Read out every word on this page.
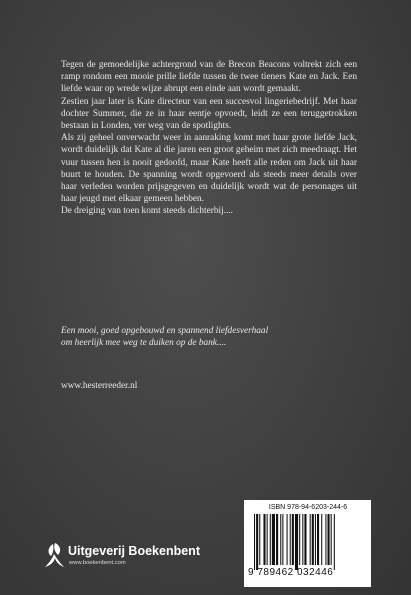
Tegen de gemoedelijke achtergrond van de Brecon Beacons voltrekt zich een ramp rondom een mooie prille liefde tussen de twee tieners Kate en Jack. Een liefde waar op wrede wijze abrupt een einde aan wordt gemaakt.

Zestien jaar later is Kate directeur van een succesvol lingeriebedrijf. Met haar dochter Summer, die ze in haar eentje opvoedt, leidt ze een teruggetrokken bestaan in Londen, ver weg van de spotlights.

Als zij geheel onverwacht weer in aanraking komt met haar grote liefde Jack, wordt duidelijk dat Kate al die jaren een groot geheim met zich meedraagt. Het vuur tussen hen is nooit gedoofd, maar Kate heeft alle reden om Jack uit haar buurt te houden. De spanning wordt opgevoerd als steeds meer details over haar verleden worden prijsgegeven en duidelijk wordt wat de personages uit haar jeugd met elkaar gemeen hebben.

De dreiging van toen komt steeds dichterbij....

Een mooi, goed opgebouwd en spannend liefdesverhaal

om heerlijk mee weg te duiken op de bank....

www.hesterreeder.nl
Uitgeverij Boekenbent
www.boekenbent.com
ISBN 978-94-6203-244-6
9 789462 032446
